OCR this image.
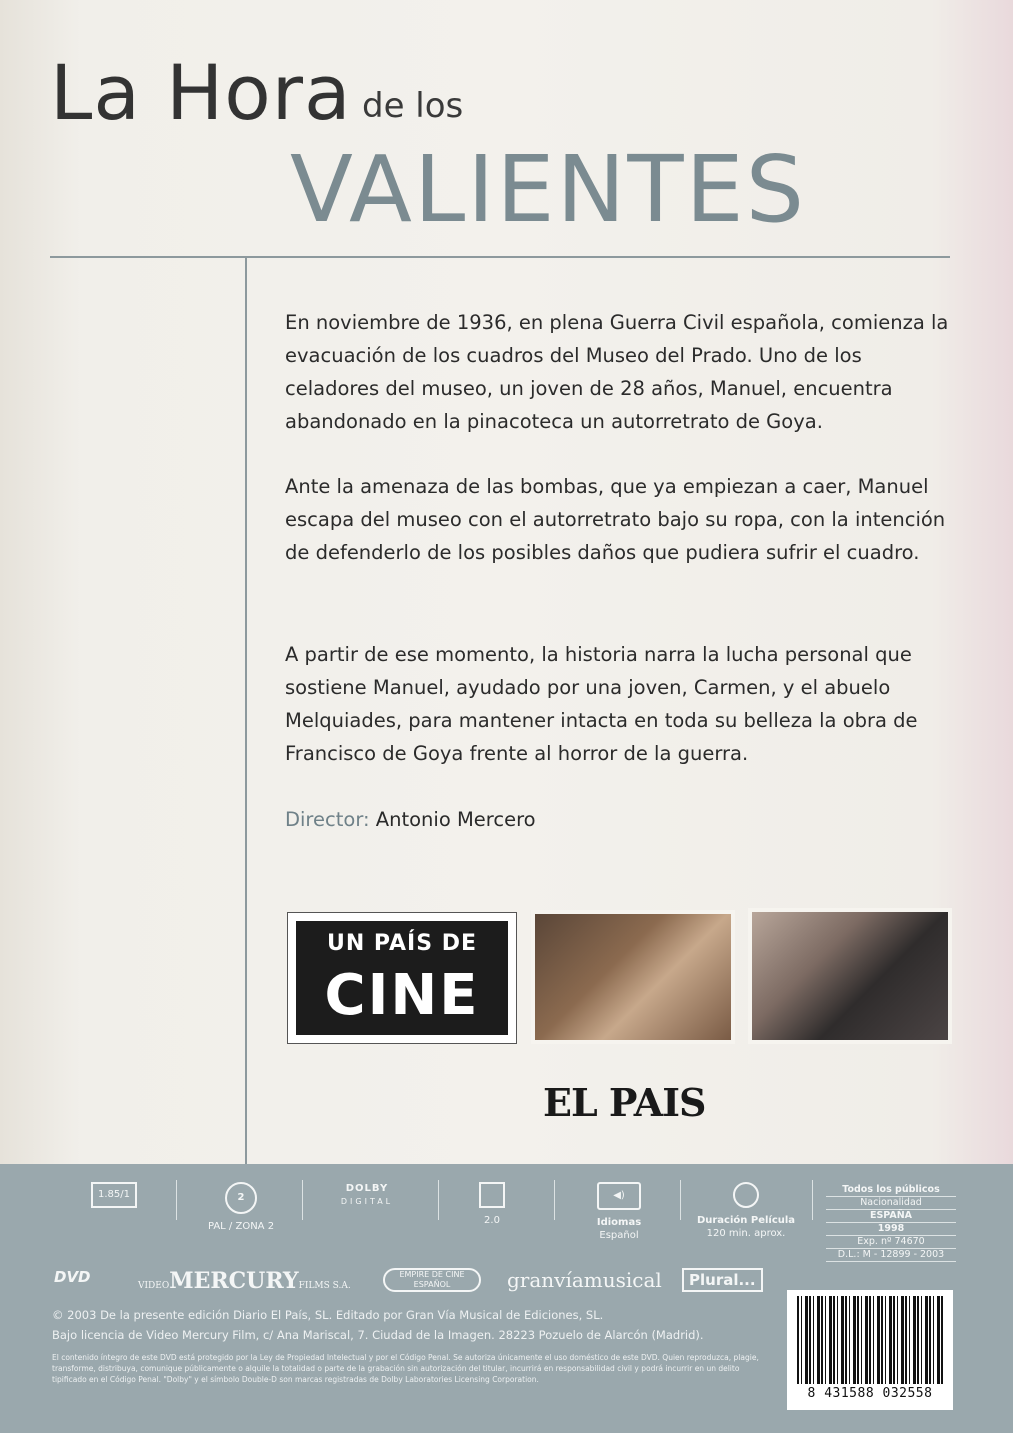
La Hora de los
VALIENTES
En noviembre de 1936, en plena Guerra Civil española, comienza la evacuación de los cuadros del Museo del Prado. Uno de los celadores del museo, un joven de 28 años, Manuel, encuentra abandonado en la pinacoteca un autorretrato de Goya.
Ante la amenaza de las bombas, que ya empiezan a caer, Manuel escapa del museo con el autorretrato bajo su ropa, con la intención de defenderlo de los posibles daños que pudiera sufrir el cuadro.
A partir de ese momento, la historia narra la lucha personal que sostiene Manuel, ayudado por una joven, Carmen, y el abuelo Melquiades, para mantener intacta en toda su belleza la obra de Francisco de Goya frente al horror de la guerra.
Director: Antonio Mercero
UN PAÍS DE
CINE
EL PAIS
1.85/1	2
PAL / ZONA 2
DOLBY
DIGITAL
2.0
◀)
Idiomas
Español
Duración Película
120 min. aprox.
Todos los públicos
Nacionalidad
ESPAÑA
1998
Exp. nº 74670
D.L.: M - 12899 - 2003
DVD	VIDEOMERCURYFILMS S.A.
EMPIRE DE CINE ESPAÑOL	granvíamusical	Plural...
© 2003 De la presente edición Diario El País, SL. Editado por Gran Vía Musical de Ediciones, SL.
Bajo licencia de Video Mercury Film, c/ Ana Mariscal, 7. Ciudad de la Imagen. 28223 Pozuelo de Alarcón (Madrid).
El contenido íntegro de este DVD está protegido por la Ley de Propiedad Intelectual y por el Código Penal. Se autoriza únicamente el uso doméstico de este DVD. Quien reproduzca, plagie, transforme, distribuya, comunique públicamente o alquile la totalidad o parte de la grabación sin autorización del titular, incurrirá en responsabilidad civil y podrá incurrir en un delito tipificado en el Código Penal. "Dolby" y el símbolo Double-D son marcas registradas de Dolby Laboratories Licensing Corporation.
8 431588 032558
